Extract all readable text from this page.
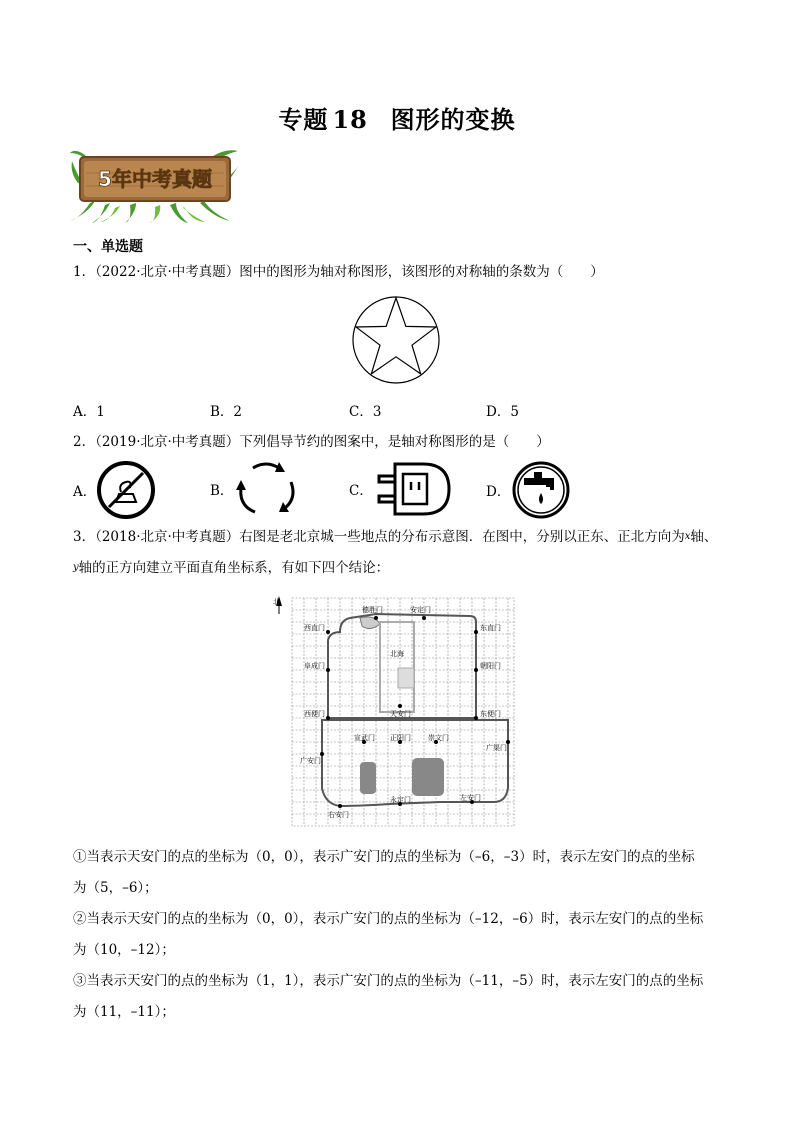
专题 18 图形的变换
5年中考真题
一、单选题
1．（2022·北京·中考真题）图中的图形为轴对称图形，该图形的对称轴的条数为（　　）
A．1	B．2	C．3	D．5
2．（2019·北京·中考真题）下列倡导节约的图案中，是轴对称图形的是（　　）
A．	B．	C．	D．
3．（2018·北京·中考真题）右图是老北京城一些地点的分布示意图．在图中，分别以正东、正北方向为$^x$轴、
$^y$轴的正方向建立平面直角坐标系，有如下四个结论：
北
德胜门	安定门
西直门	东直门
北海
阜成门	朝阳门
西便门	天安门	东便门
宣武门 正阳门 崇文门
广渠门
广安门
永定门	左安门
右安门
①当表示天安门的点的坐标为（0，0），表示广安门的点的坐标为（–6，–3）时，表示左安门的点的坐标
为（5，–6）；
②当表示天安门的点的坐标为（0，0），表示广安门的点的坐标为（–12，–6）时，表示左安门的点的坐标
为（10，–12）；
③当表示天安门的点的坐标为（1，1），表示广安门的点的坐标为（–11，–5）时，表示左安门的点的坐标
为（11，–11）；
